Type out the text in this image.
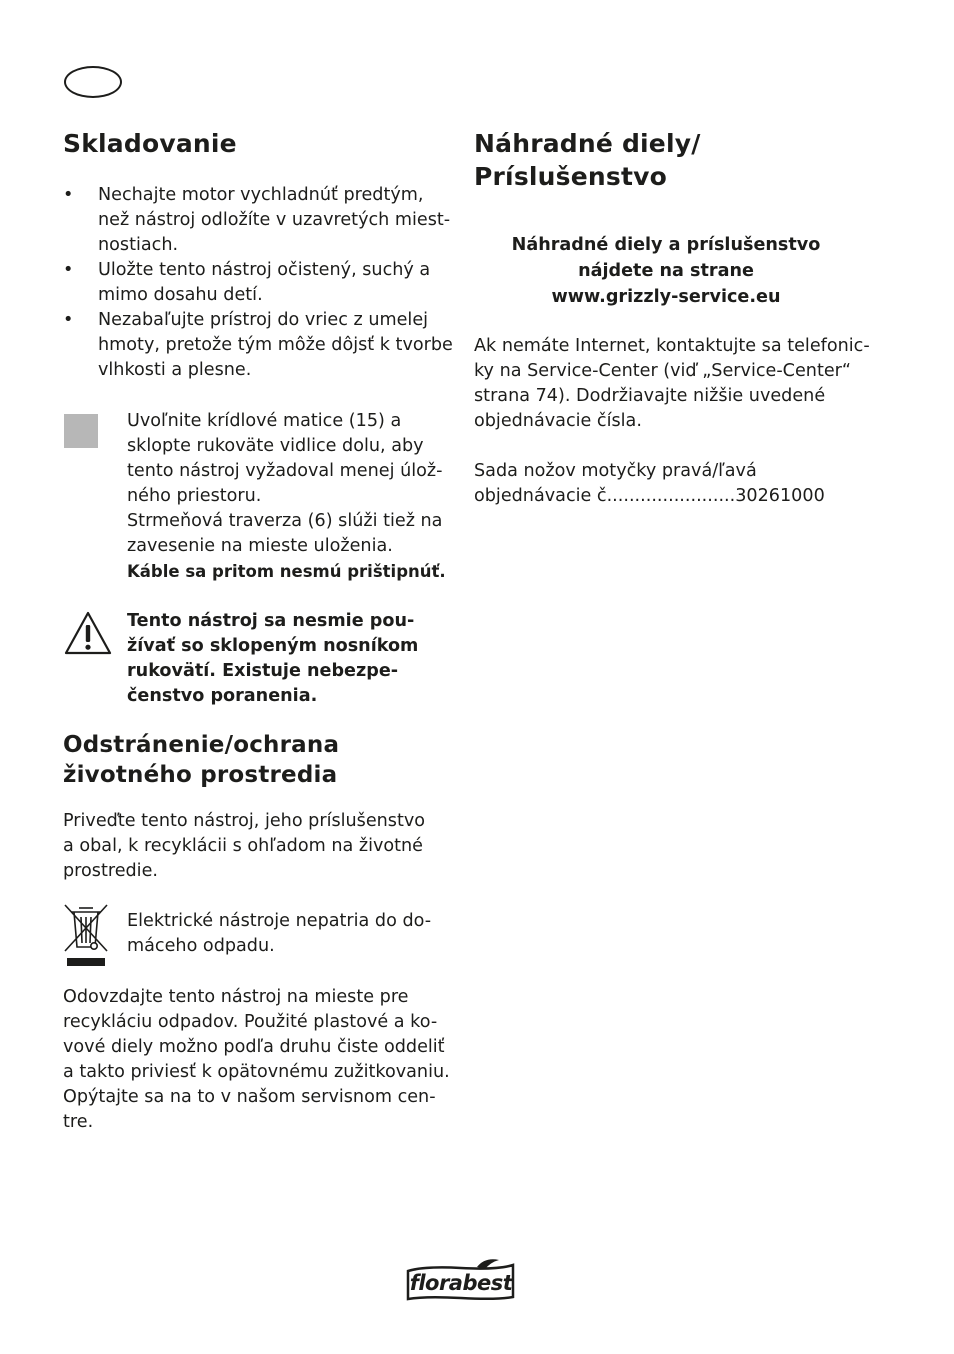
Skladovanie
• Nechajte motor vychladnúť predtým,
než nástroj odložíte v uzavretých miest-
nostiach.
• Uložte tento nástroj očistený, suchý a
mimo dosahu detí.
• Nezabaľujte prístroj do vriec z umelej
hmoty, pretože tým môže dôjsť k tvorbe
vlhkosti a plesne.
Uvoľnite krídlové matice (15) a
sklopte rukoväte vidlice dolu, aby
tento nástroj vyžadoval menej úlož-
ného priestoru.
Strmeňová traverza (6) slúži tiež na
zavesenie na mieste uloženia.
Káble sa pritom nesmú prištipnúť.
Tento nástroj sa nesmie pou-
žívať so sklopeným nosníkom
rukovätí. Existuje nebezpe-
čenstvo poranenia.
Odstránenie/ochrana
životného prostredia
Priveďte tento nástroj, jeho príslušenstvo
a obal, k recyklácii s ohľadom na životné
prostredie.
Elektrické nástroje nepatria do do-
máceho odpadu.
Odovzdajte tento nástroj na mieste pre
recykláciu odpadov. Použité plastové a ko-
vové diely možno podľa druhu čiste oddeliť
a takto priviesť k opätovnému zužitkovaniu.
Opýtajte sa na to v našom servisnom cen-
tre.
Náhradné diely/
Príslušenstvo
Náhradné diely a príslušenstvo
nájdete na strane
www.grizzly-service.eu
Ak nemáte Internet, kontaktujte sa telefonic-
ky na Service-Center (viď „Service-Center“
strana 74). Dodržiavajte nižšie uvedené
objednávacie čísla.
Sada nožov motyčky pravá/ľavá
objednávacie č.......................30261000
florabest
